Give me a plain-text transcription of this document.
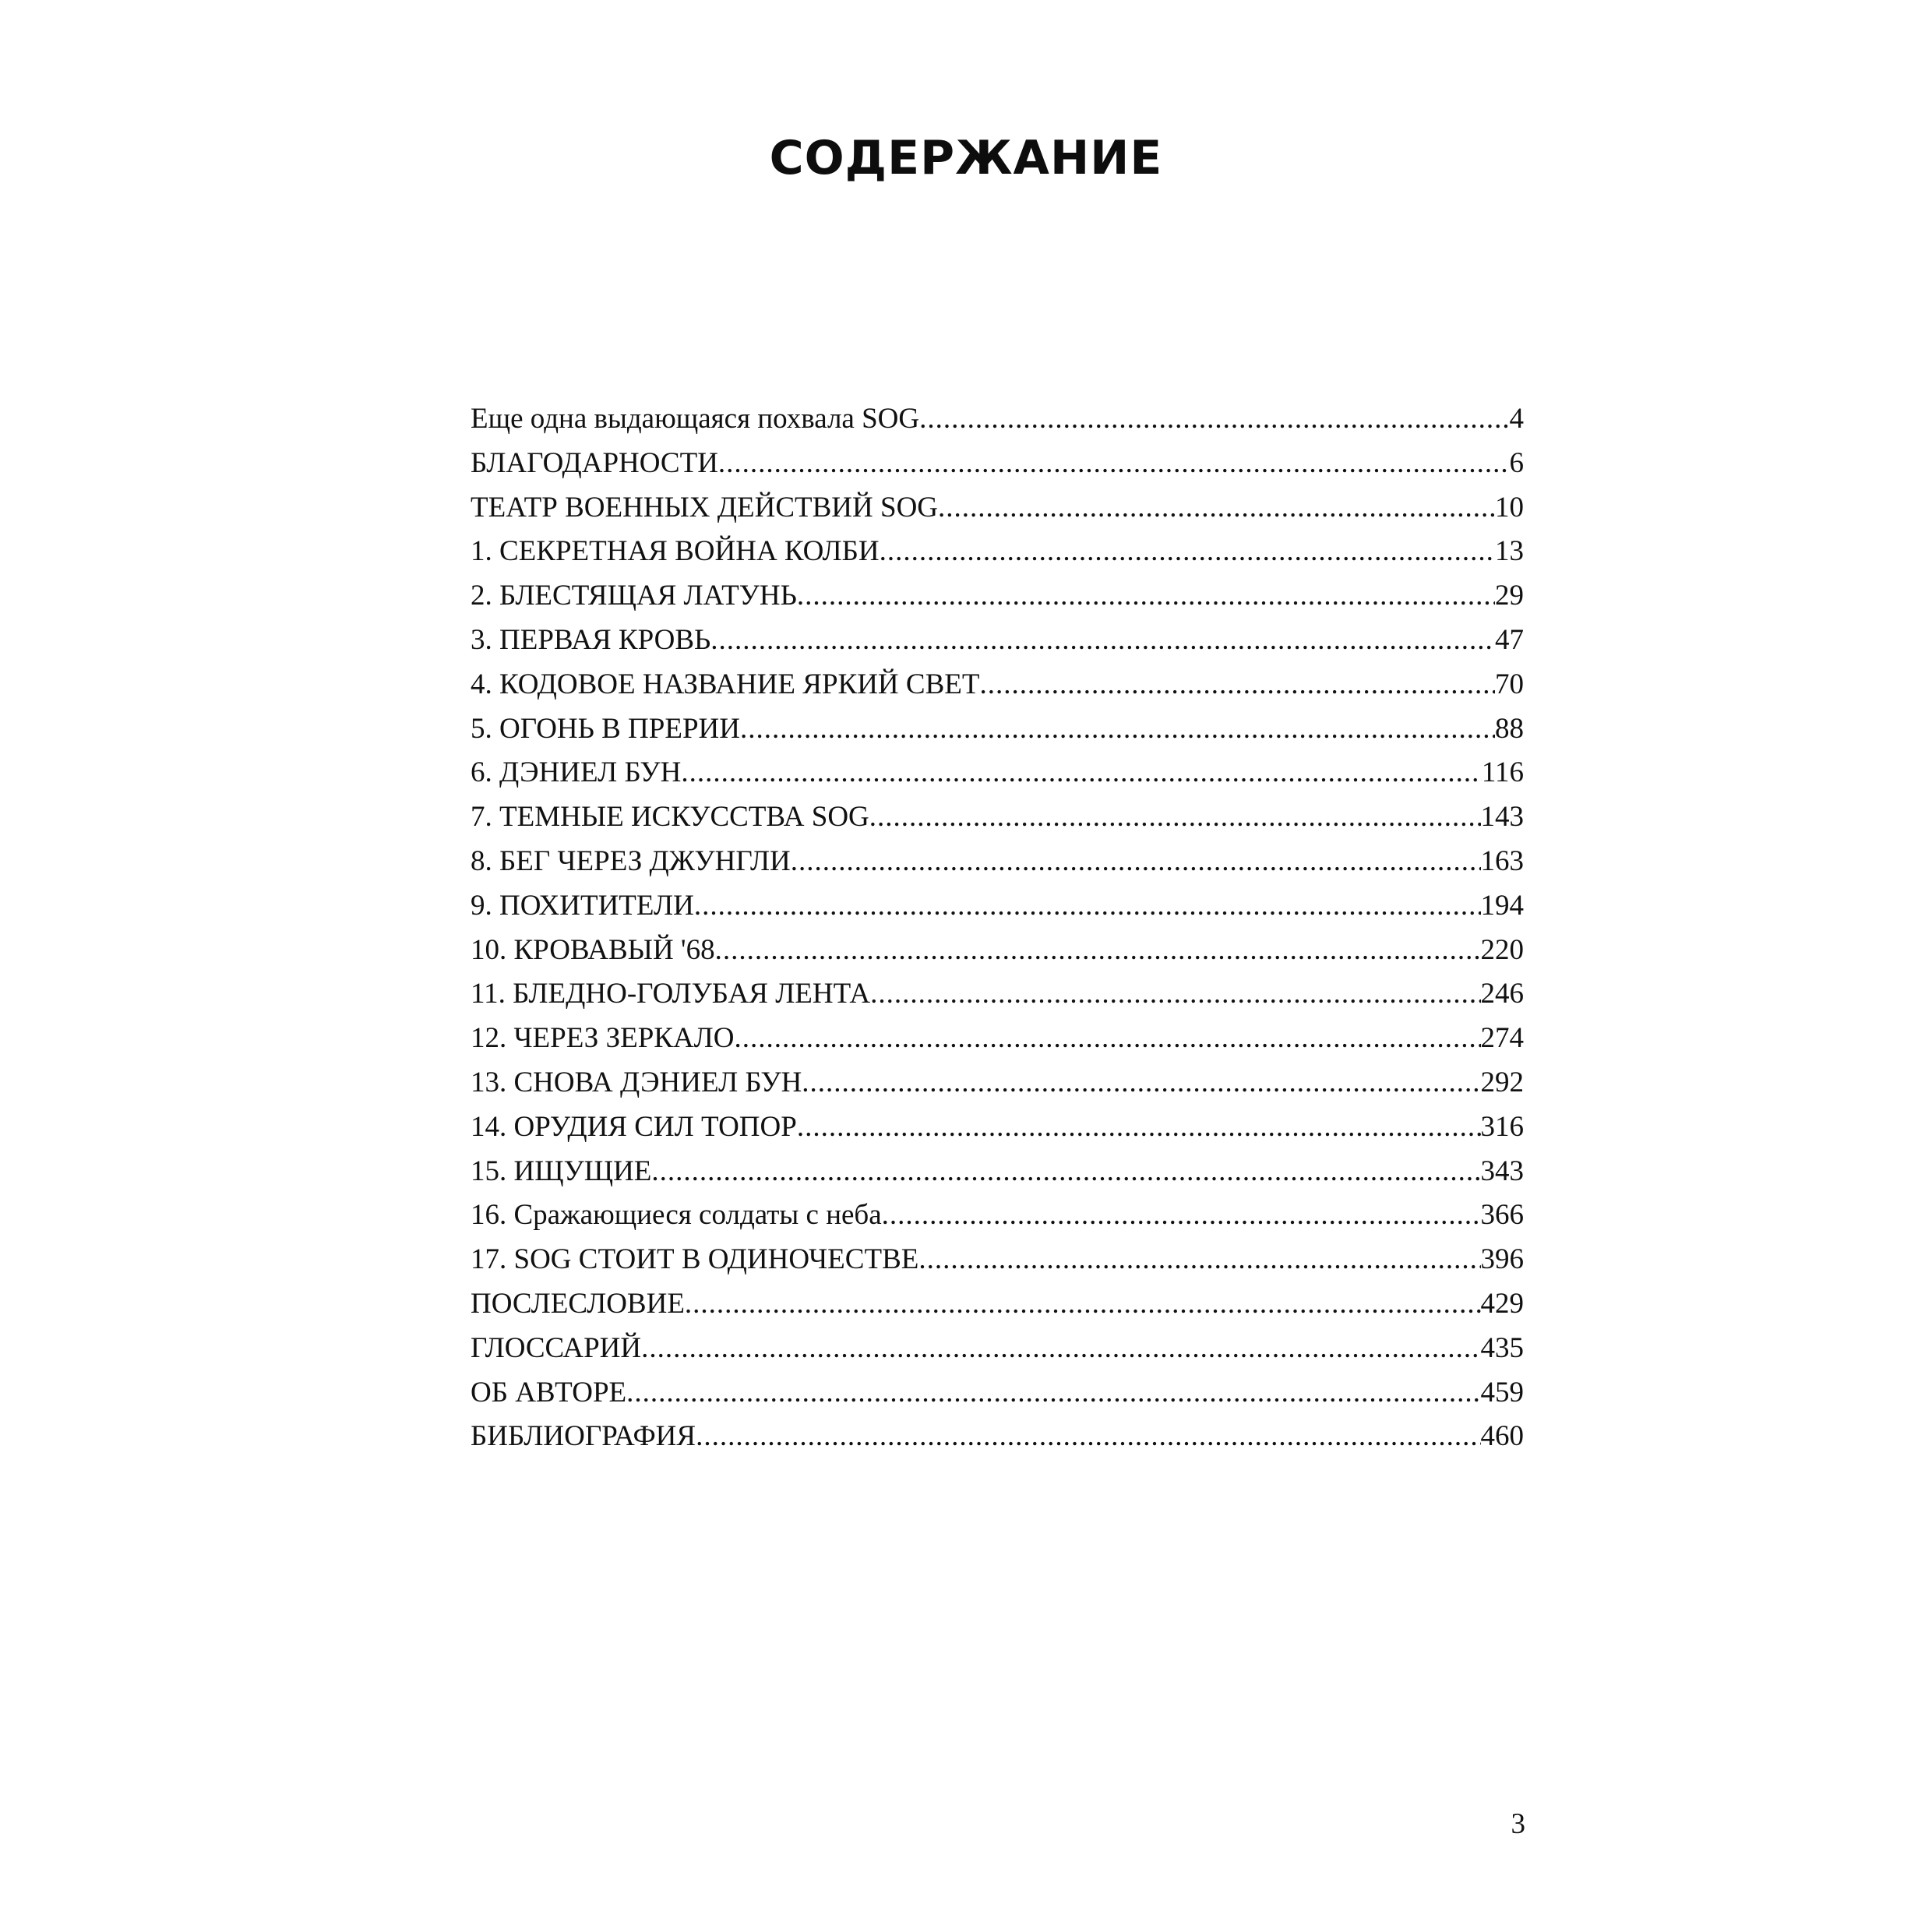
СОДЕРЖАНИЕ
Еще одна выдающаяся похвала SOG .....	4
БЛАГОДАРНОСТИ .....	6
ТЕАТР ВОЕННЫХ ДЕЙСТВИЙ SOG .....	10
1. СЕКРЕТНАЯ ВОЙНА КОЛБИ .....	13
2. БЛЕСТЯЩАЯ ЛАТУНЬ .....	29
3. ПЕРВАЯ КРОВЬ .....	47
4. КОДОВОЕ НАЗВАНИЕ ЯРКИЙ СВЕТ .....	70
5. ОГОНЬ В ПРЕРИИ .....	88
6. ДЭНИЕЛ БУН .....	116
7. ТЕМНЫЕ ИСКУССТВА SOG .....	143
8. БЕГ ЧЕРЕЗ ДЖУНГЛИ .....	163
9. ПОХИТИТЕЛИ .....	194
10. КРОВАВЫЙ '68 .....	220
11. БЛЕДНО-ГОЛУБАЯ ЛЕНТА .....	246
12. ЧЕРЕЗ ЗЕРКАЛО .....	274
13. СНОВА ДЭНИЕЛ БУН .....	292
14. ОРУДИЯ СИЛ ТОПОР .....	316
15. ИЩУЩИЕ .....	343
16. Сражающиеся солдаты с неба .....	366
17. SOG СТОИТ В ОДИНОЧЕСТВЕ .....	396
ПОСЛЕСЛОВИЕ .....	429
ГЛОССАРИЙ .....	435
ОБ АВТОРЕ .....	459
БИБЛИОГРАФИЯ .....	460
3
